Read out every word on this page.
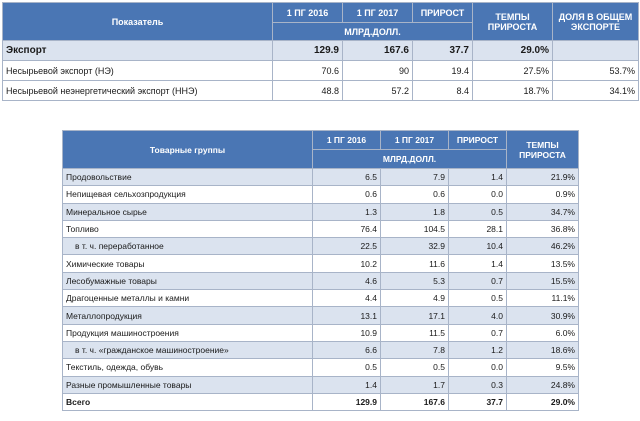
Показатель	1 ПГ 2016	1 ПГ 2017	ПРИРОСТ	ТЕМПЫ ПРИРОСТА	ДОЛЯ В ОБЩЕМ ЭКСПОРТЕ
	МЛРД.ДОЛЛ.				
Экспорт	129.9	167.6	37.7	29.0%	
Несырьевой экспорт (НЭ)	70.6	90	19.4	27.5%	53.7%
Несырьевой неэнергетический экспорт (ННЭ)	48.8	57.2	8.4	18.7%	34.1%
Товарные группы	1 ПГ 2016	1 ПГ 2017	ПРИРОСТ	ТЕМПЫ ПРИРОСТА
	МЛРД.ДОЛЛ.			
Продовольствие	6.5	7.9	1.4	21.9%
Непищевая сельхозпродукция	0.6	0.6	0.0	0.9%
Минеральное сырье	1.3	1.8	0.5	34.7%
Топливо	76.4	104.5	28.1	36.8%
в т. ч. переработанное	22.5	32.9	10.4	46.2%
Химические товары	10.2	11.6	1.4	13.5%
Лесобумажные товары	4.6	5.3	0.7	15.5%
Драгоценные металлы и камни	4.4	4.9	0.5	11.1%
Металлопродукция	13.1	17.1	4.0	30.9%
Продукция машиностроения	10.9	11.5	0.7	6.0%
в т. ч. «гражданское машиностроение»	6.6	7.8	1.2	18.6%
Текстиль, одежда, обувь	0.5	0.5	0.0	9.5%
Разные промышленные товары	1.4	1.7	0.3	24.8%
Всего	129.9	167.6	37.7	29.0%
